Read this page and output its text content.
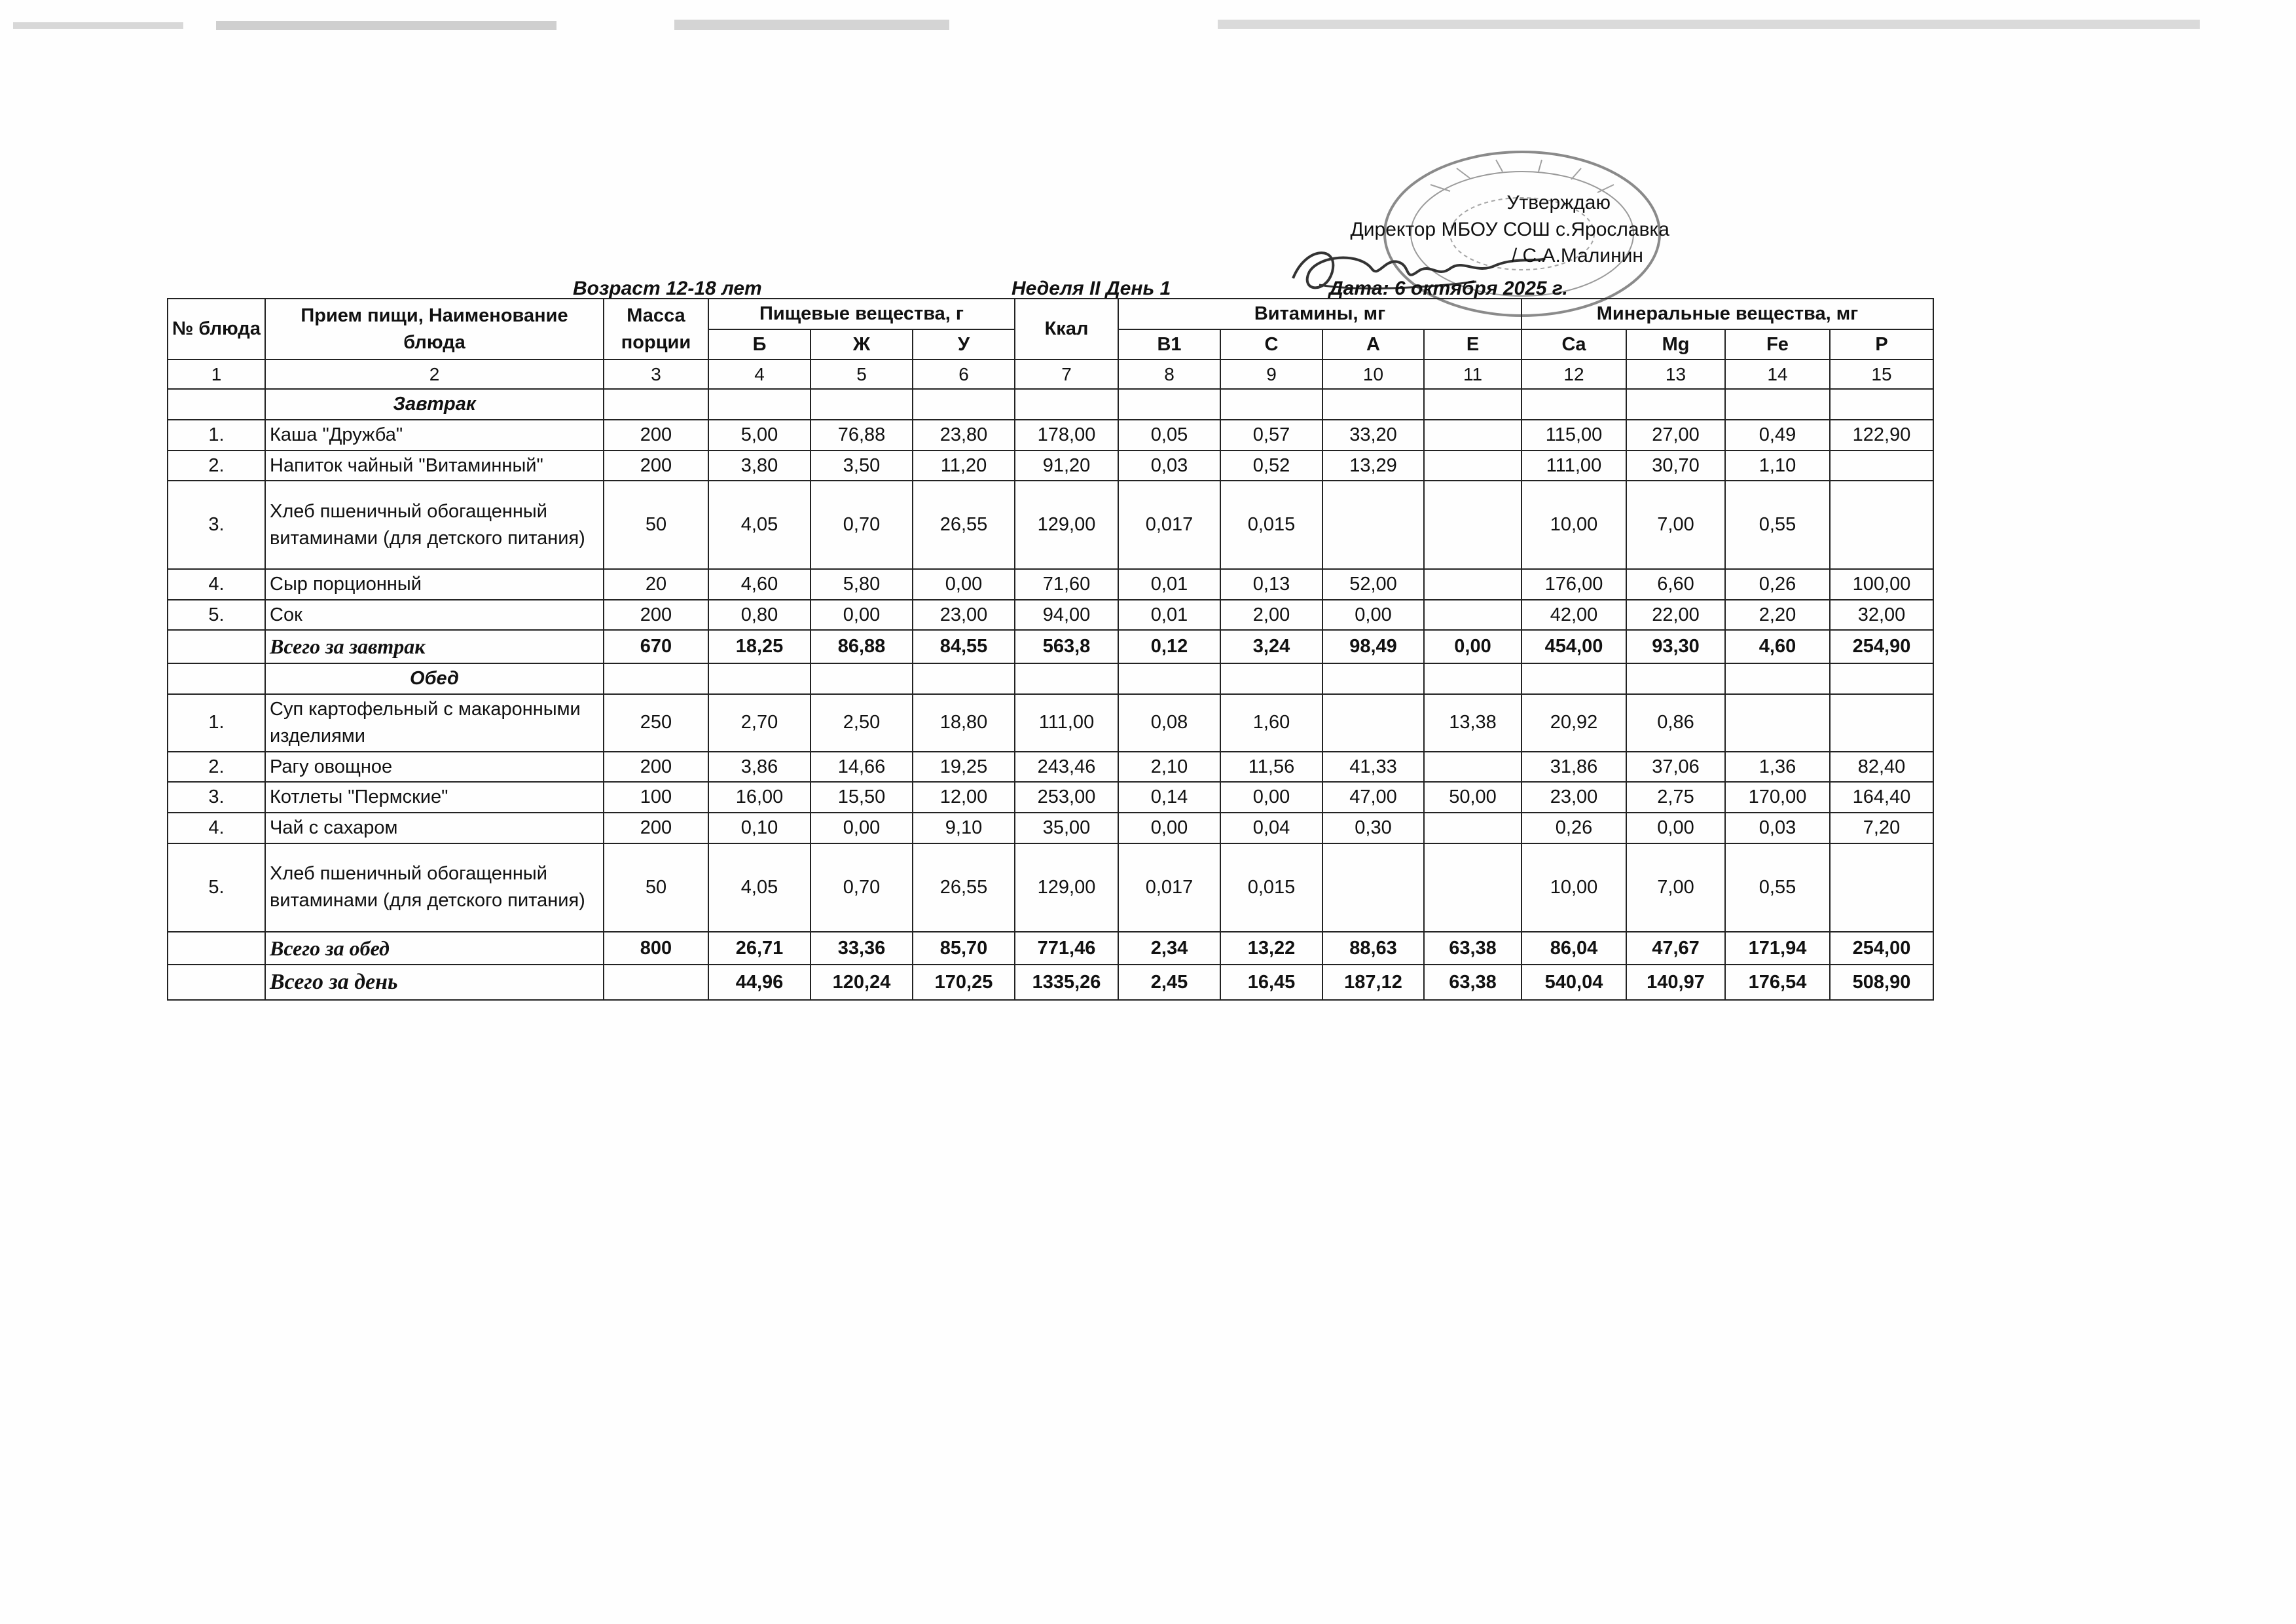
Утверждаю
Директор МБОУ СОШ с.Ярославка
/ С.А.Малинин
Возраст 12-18 лет	Неделя II День 1	Дата: 6 октября 2025 г.
№ блюда	Прием пищи, Наименование блюда	Масса порции	Пищевые вещества, г			Ккал	Витамины, мг				Минеральные вещества, мг			
			Б	Ж	У		В1	С	А	Е	Ca	Mg	Fe	P
1	2	3	4	5	6	7	8	9	10	11	12	13	14	15
	Завтрак													
1.	Каша "Дружба"	200	5,00	76,88	23,80	178,00	0,05	0,57	33,20		115,00	27,00	0,49	122,90
2.	Напиток чайный "Витаминный"	200	3,80	3,50	11,20	91,20	0,03	0,52	13,29		111,00	30,70	1,10	
3.	Хлеб пшеничный обогащенный витаминами (для детского питания)	50	4,05	0,70	26,55	129,00	0,017	0,015			10,00	7,00	0,55	
4.	Сыр порционный	20	4,60	5,80	0,00	71,60	0,01	0,13	52,00		176,00	6,60	0,26	100,00
5.	Сок	200	0,80	0,00	23,00	94,00	0,01	2,00	0,00		42,00	22,00	2,20	32,00
	Всего за завтрак	670	18,25	86,88	84,55	563,8	0,12	3,24	98,49	0,00	454,00	93,30	4,60	254,90
	Обед													
1.	Суп картофельный с макаронными изделиями	250	2,70	2,50	18,80	111,00	0,08	1,60		13,38	20,92	0,86		
2.	Рагу овощное	200	3,86	14,66	19,25	243,46	2,10	11,56	41,33		31,86	37,06	1,36	82,40
3.	Котлеты "Пермские"	100	16,00	15,50	12,00	253,00	0,14	0,00	47,00	50,00	23,00	2,75	170,00	164,40
4.	Чай с сахаром	200	0,10	0,00	9,10	35,00	0,00	0,04	0,30		0,26	0,00	0,03	7,20
5.	Хлеб пшеничный обогащенный витаминами (для детского питания)	50	4,05	0,70	26,55	129,00	0,017	0,015			10,00	7,00	0,55	
	Всего за обед	800	26,71	33,36	85,70	771,46	2,34	13,22	88,63	63,38	86,04	47,67	171,94	254,00
	Всего за день		44,96	120,24	170,25	1335,26	2,45	16,45	187,12	63,38	540,04	140,97	176,54	508,90
